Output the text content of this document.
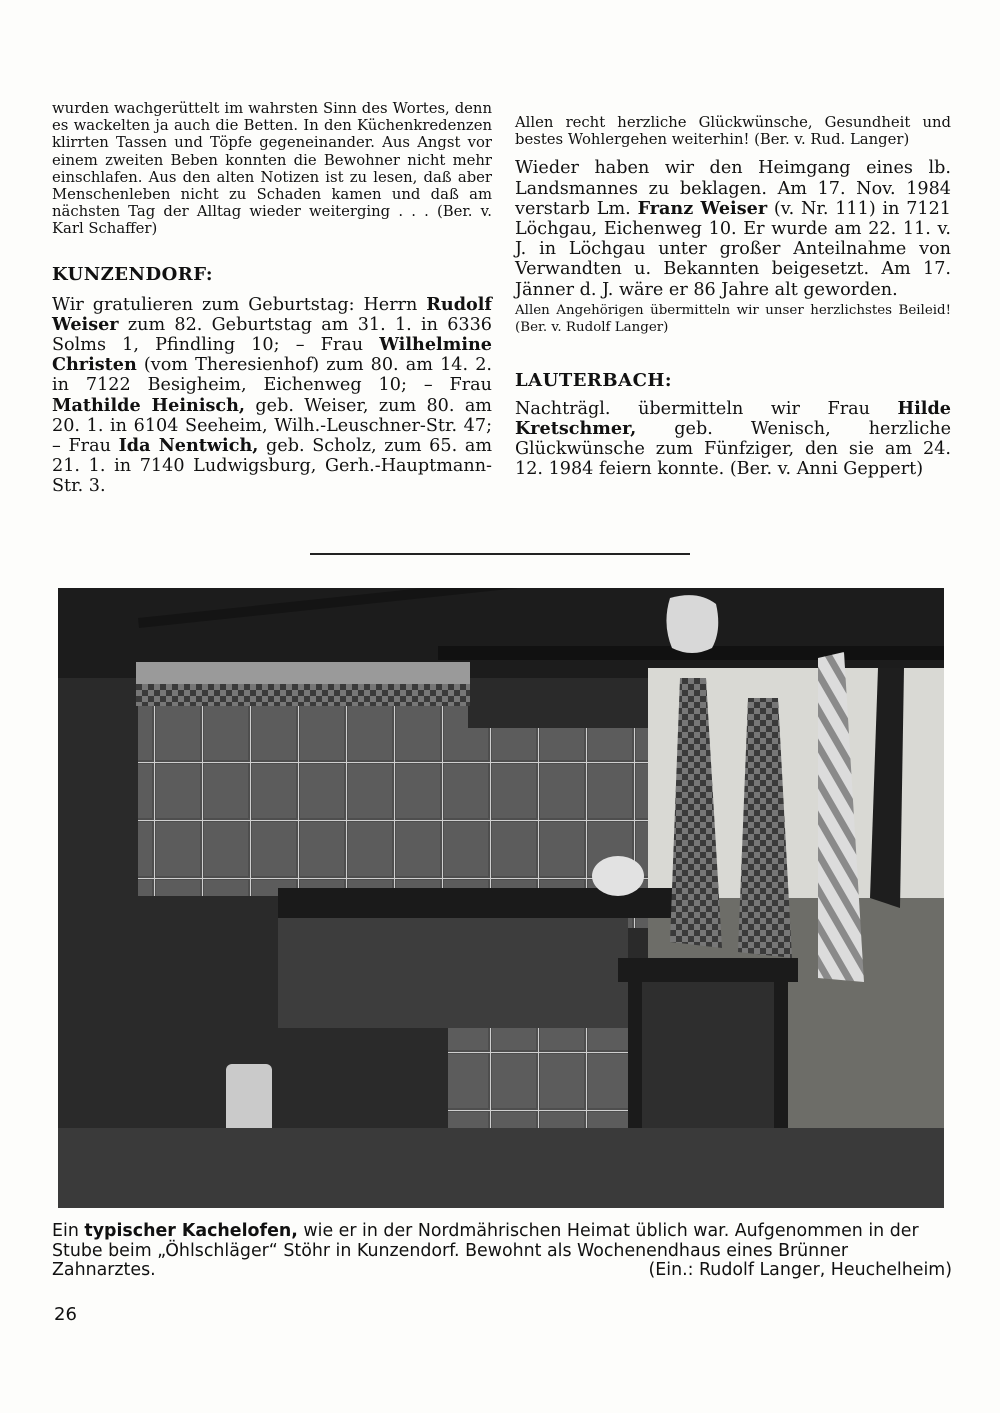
wurden wachgerüttelt im wahrsten Sinn des Wortes, denn es wackelten ja auch die Betten. In den Küchenkredenzen klirrten Tassen und Töpfe gegeneinander. Aus Angst vor einem zweiten Beben konnten die Bewohner nicht mehr einschlafen. Aus den alten Notizen ist zu lesen, daß aber Menschenleben nicht zu Schaden kamen und daß am nächsten Tag der Alltag wieder weiterging . . . (Ber. v. Karl Schaffer)

KUNZENDORF:

Wir gratulieren zum Geburtstag: Herrn Rudolf Weiser zum 82. Geburtstag am 31. 1. in 6336 Solms 1, Pfindling 10; – Frau Wilhelmine Christen (vom Theresienhof) zum 80. am 14. 2. in 7122 Besigheim, Eichenweg 10; – Frau Mathilde Heinisch, geb. Weiser, zum 80. am 20. 1. in 6104 Seeheim, Wilh.-Leuschner-Str. 47; – Frau Ida Nentwich, geb. Scholz, zum 65. am 21. 1. in 7140 Ludwigsburg, Gerh.-Hauptmann-Str. 3.

Allen recht herzliche Glückwünsche, Gesundheit und bestes Wohlergehen weiterhin! (Ber. v. Rud. Langer)

Wieder haben wir den Heimgang eines lb. Landsmannes zu beklagen. Am 17. Nov. 1984 verstarb Lm. Franz Weiser (v. Nr. 111) in 7121 Löchgau, Eichenweg 10. Er wurde am 22. 11. v. J. in Löchgau unter großer Anteilnahme von Verwandten u. Bekannten beigesetzt. Am 17. Jänner d. J. wäre er 86 Jahre alt geworden.

Allen Angehörigen übermitteln wir unser herzlichstes Beileid! (Ber. v. Rudolf Langer)

LAUTERBACH:

Nachträgl. übermitteln wir Frau Hilde Kretschmer, geb. Wenisch, herzliche Glückwünsche zum Fünfziger, den sie am 24. 12. 1984 feiern konnte. (Ber. v. Anni Geppert)

Ein typischer Kachelofen, wie er in der Nordmährischen Heimat üblich war. Aufgenommen in der Stube beim „Öhlschläger“ Stöhr in Kunzendorf. Bewohnt als Wochenendhaus eines Brünner Zahnarztes.	(Ein.: Rudolf Langer, Heuchelheim)
26
